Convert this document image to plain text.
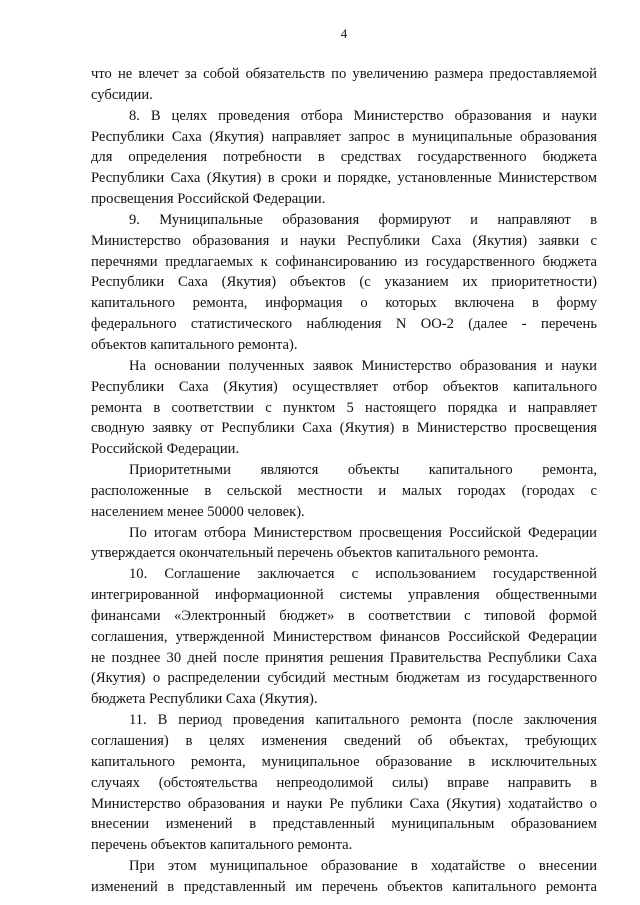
4
что не влечет за собой обязательств по увеличению размера предоставляемой
субсидии.
8. В целях проведения отбора Министерство образования и науки
Республики Саха (Якутия) направляет запрос в муниципальные образования
для определения потребности в средствах государственного бюджета
Республики Саха (Якутия) в сроки и порядке, установленные Министерством
просвещения Российской Федерации.
9. Муниципальные образования формируют и направляют в
Министерство образования и науки Республики Саха (Якутия) заявки с
перечнями предлагаемых к софинансированию из государственного бюджета
Республики Саха (Якутия) объектов (с указанием их приоритетности)
капитального ремонта, информация о которых включена в форму
федерального статистического наблюдения N ОО-2 (далее - перечень
объектов капитального ремонта).
На основании полученных заявок Министерство образования и науки
Республики Саха (Якутия) осуществляет отбор объектов капитального
ремонта в соответствии с пунктом 5 настоящего порядка и направляет
сводную заявку от Республики Саха (Якутия) в Министерство просвещения
Российской Федерации.
Приоритетными являются объекты капитального ремонта,
расположенные в сельской местности и малых городах (городах с
населением менее 50000 человек).
По итогам отбора Министерством просвещения Российской Федерации
утверждается окончательный перечень объектов капитального ремонта.
10. Соглашение заключается с использованием государственной
интегрированной информационной системы управления общественными
финансами «Электронный бюджет» в соответствии с типовой формой
соглашения, утвержденной Министерством финансов Российской Федерации
не позднее 30 дней после принятия решения Правительства Республики Саха
(Якутия) о распределении субсидий местным бюджетам из государственного
бюджета Республики Саха (Якутия).
11. В период проведения капитального ремонта (после заключения
соглашения) в целях изменения сведений об объектах, требующих
капитального ремонта, муниципальное образование в исключительных
случаях (обстоятельства непреодолимой силы) вправе направить в
Министерство образования и науки Ре публики Саха (Якутия) ходатайство о
внесении изменений в представленный муниципальным образованием
перечень объектов капитального ремонта.
При этом муниципальное образование в ходатайстве о внесении
изменений в представленный им перечень объектов капитального ремонта
